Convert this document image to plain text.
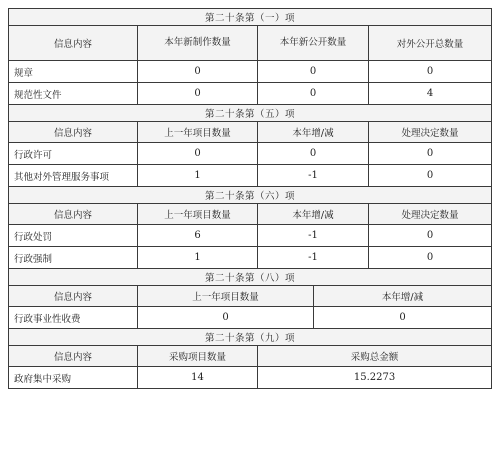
第二十条第（一）项				
信息内容	本年新制作数量	本年新公开数量		对外公开总数量
规章	0	0		0
规范性文件	0	0		4
第二十条第（五）项				
信息内容	上一年项目数量	本年增/减		处理决定数量
行政许可	0	0		0
其他对外管理服务事项	1	-1		0
第二十条第（六）项				
信息内容	上一年项目数量	本年增/减		处理决定数量
行政处罚	6	-1		0
行政强制	1	-1		0
第二十条第（八）项				
信息内容	上一年项目数量		本年增/减	
行政事业性收费	0		0	
第二十条第（九）项				
信息内容	采购项目数量	采购总金额		
政府集中采购	14	15.2273		
